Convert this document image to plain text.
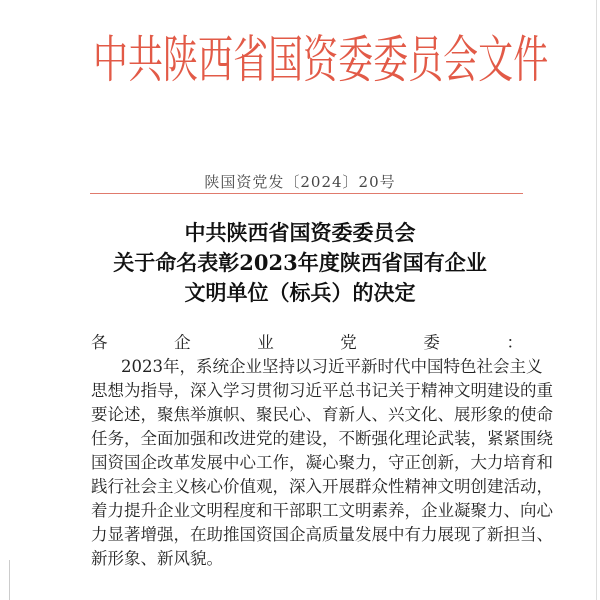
中 共 陕 西 省 国 资 委 委 员 会 文 件
陕国资党发〔2024〕20号
中共陕西省国资委委员会
关于命名表彰2023年度陕西省国有企业
文明单位（标兵）的决定
各企业党委：
2023年，系统企业坚持以习近平新时代中国特色社会主义
思想为指导，深入学习贯彻习近平总书记关于精神文明建设的重
要论述，聚焦举旗帜、聚民心、育新人、兴文化、展形象的使命
任务，全面加强和改进党的建设，不断强化理论武装，紧紧围绕
国资国企改革发展中心工作，凝心聚力，守正创新，大力培育和
践行社会主义核心价值观，深入开展群众性精神文明创建活动，
着力提升企业文明程度和干部职工文明素养，企业凝聚力、向心
力显著增强，在助推国资国企高质量发展中有力展现了新担当、
新形象、新风貌。
